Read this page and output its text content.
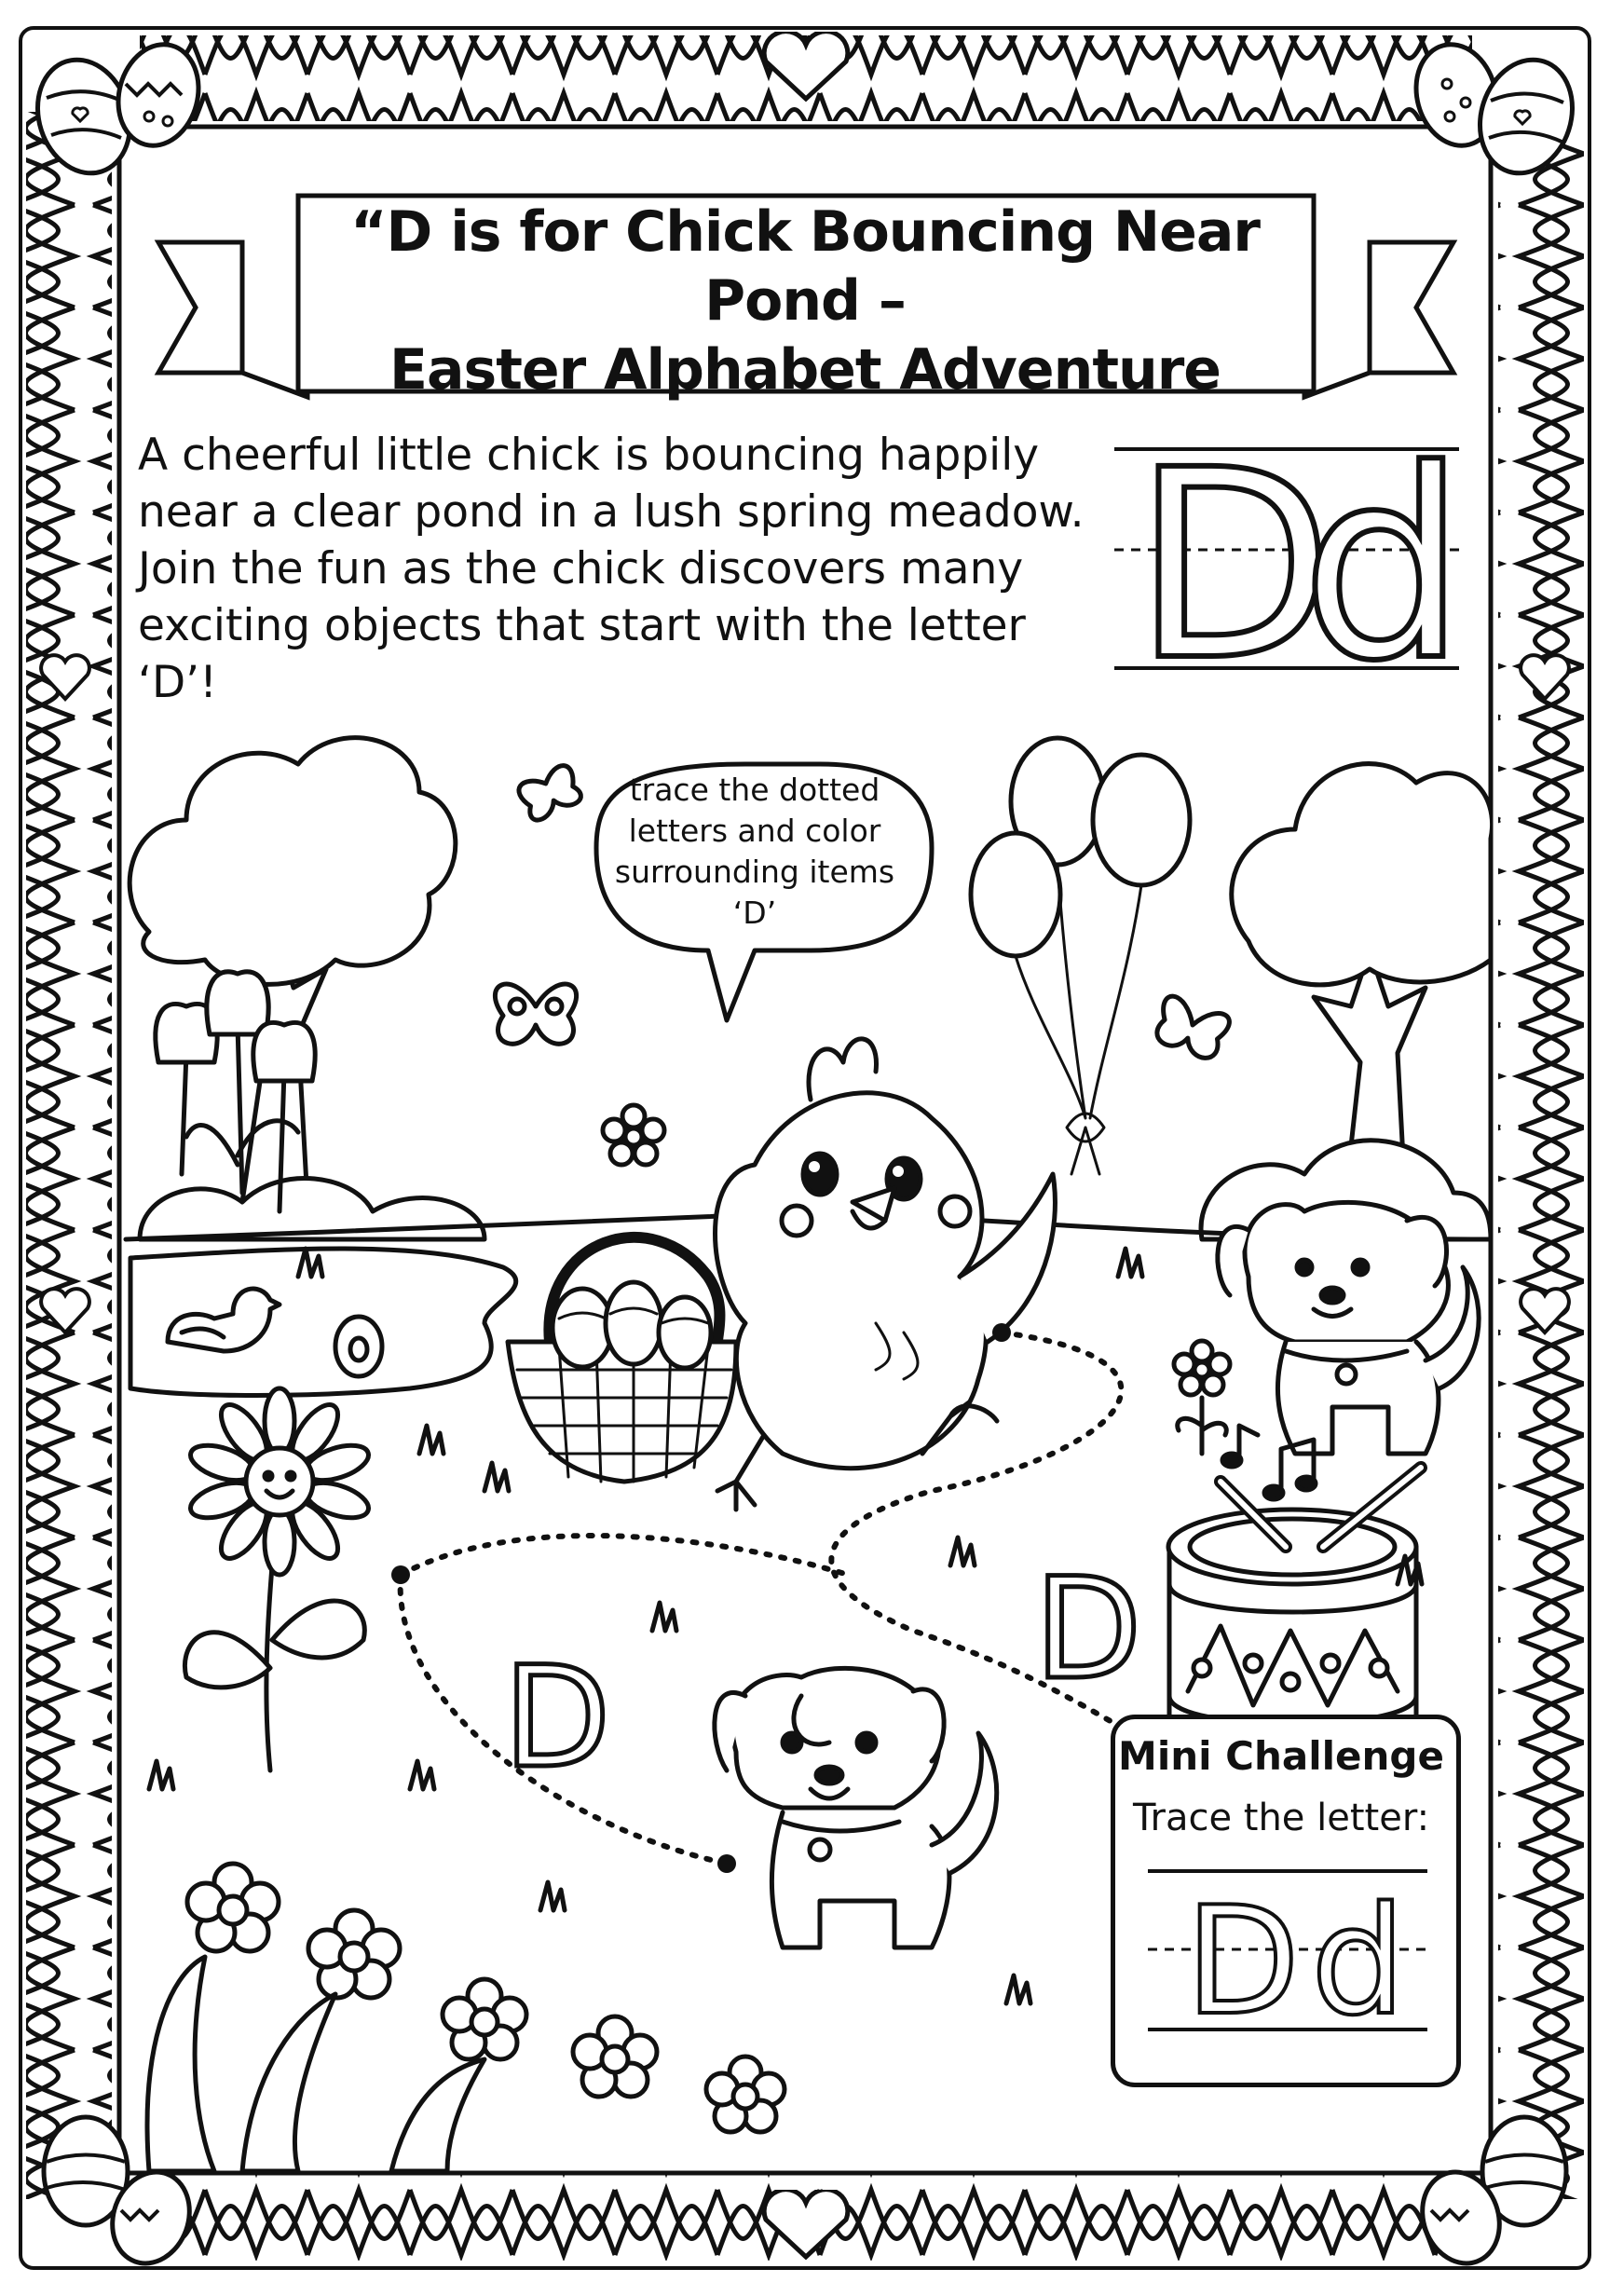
“D is for Chick Bouncing Near Pond –
Easter Alphabet Adventure
A cheerful little chick is bouncing happily
near a clear pond in a lush spring meadow.
Join the fun as the chick discovers many
exciting objects that start with the letter ‘D’!	D
d
trace the dotted
letters and color
surrounding items
‘D’
D
D
Mini Challenge
Trace the letter:
D d
